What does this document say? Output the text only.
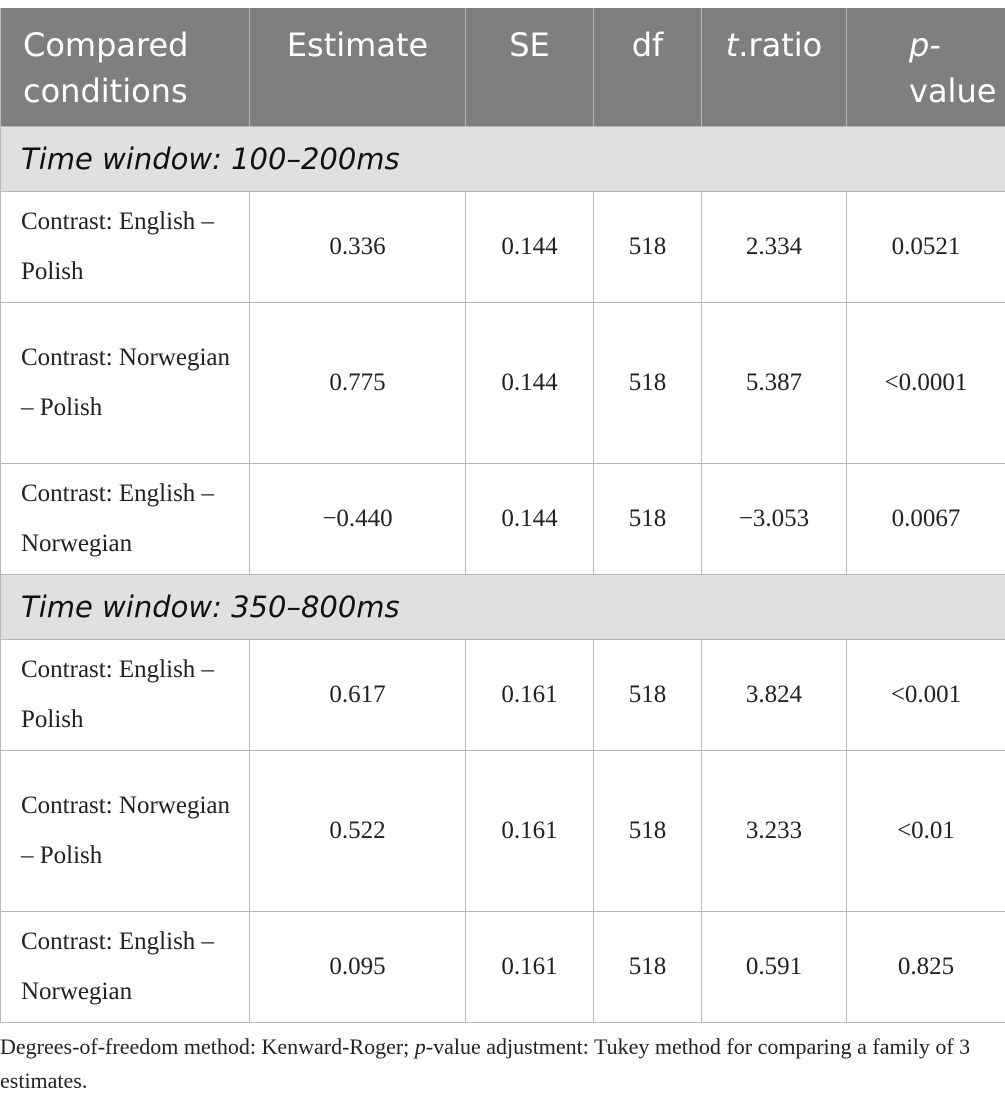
Compared conditions	Estimate	SE	df	t.ratio	p-value
Time window: 100–200ms					
Contrast: English – Polish	0.336	0.144	518	2.334	0.0521
Contrast: Norwegian – Polish	0.775	0.144	518	5.387	<0.0001
Contrast: English – Norwegian	−0.440	0.144	518	−3.053	0.0067
Time window: 350–800ms					
Contrast: English – Polish	0.617	0.161	518	3.824	<0.001
Contrast: Norwegian – Polish	0.522	0.161	518	3.233	<0.01
Contrast: English – Norwegian	0.095	0.161	518	0.591	0.825
Degrees-of-freedom method: Kenward-Roger; p-value adjustment: Tukey method for comparing a family of 3 estimates.
